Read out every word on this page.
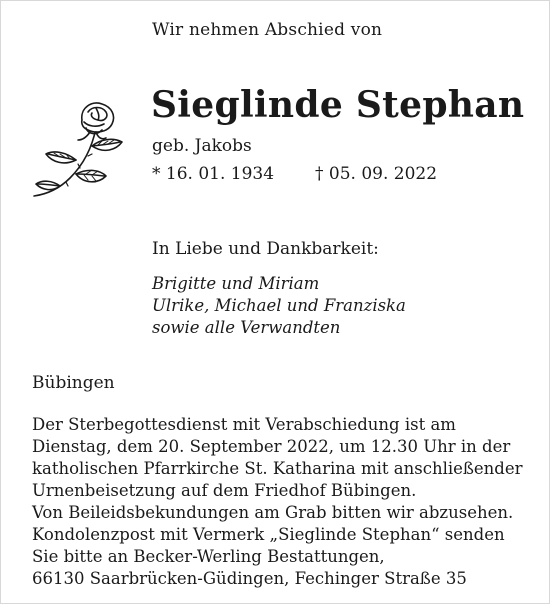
Wir nehmen Abschied von
Sieglinde Stephan
geb. Jakobs
* 16. 01. 1934 † 05. 09. 2022
In Liebe und Dankbarkeit:
Brigitte und Miriam
Ulrike, Michael und Franziska
sowie alle Verwandten
Bübingen
Der Sterbegottesdienst mit Verabschiedung ist am
Dienstag, dem 20. September 2022, um 12.30 Uhr in der
katholischen Pfarrkirche St. Katharina mit anschließender
Urnenbeisetzung auf dem Friedhof Bübingen.
Von Beileidsbekundungen am Grab bitten wir abzusehen.
Kondolenzpost mit Vermerk „Sieglinde Stephan“ senden
Sie bitte an Becker-Werling Bestattungen,
66130 Saarbrücken-Güdingen, Fechinger Straße 35
